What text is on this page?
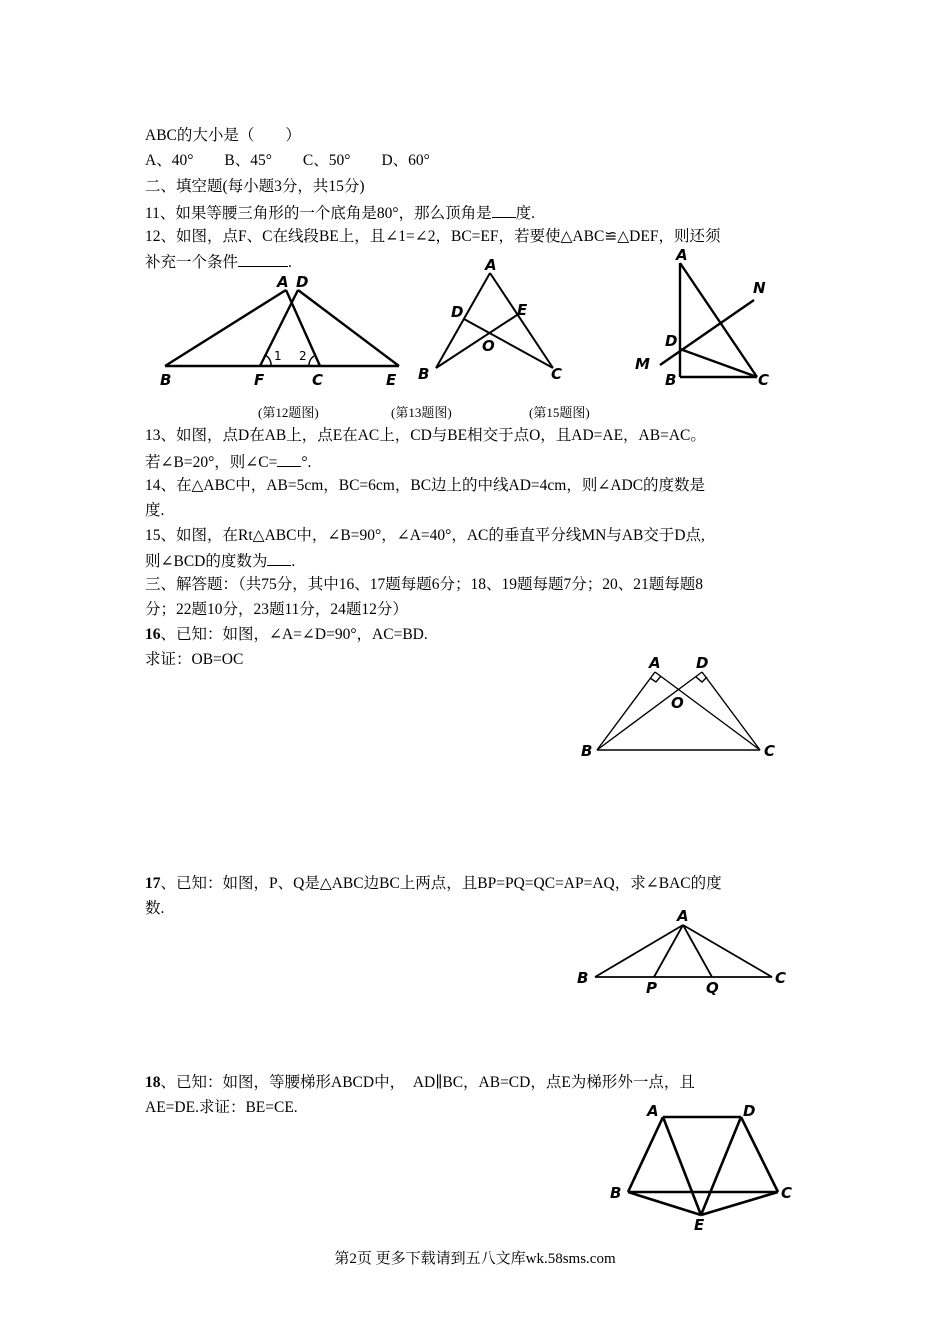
ABC的大小是（　　）
A、40°　　B、45°　　C、50°　　D、60°
二、填空题(每小题3分，共15分)
11、如果等腰三角形的一个底角是80°，那么顶角是 度.
12、如图，点F、C在线段BE上，且∠1=∠2，BC=EF，若要使△ABC≌△DEF，则还须
补充一个条件	.
13、如图，点D在AB上，点E在AC上，CD与BE相交于点O，且AD=AE，AB=AC。
若∠B=20°，则∠C= °.
14、在△ABC中，AB=5cm，BC=6cm，BC边上的中线AD=4cm，则∠ADC的度数是
度.
15、如图，在Rt△ABC中，∠B=90°，∠A=40°，AC的垂直平分线MN与AB交于D点,
则∠BCD的度数为 .
三、解答题：（共75分，其中16、17题每题6分；18、19题每题7分；20、21题每题8
分；22题10分，23题11分，24题12分）
16、已知：如图，∠A=∠D=90°，AC=BD.
求证：OB=OC
17、已知：如图，P、Q是△ABC边BC上两点，且BP=PQ=QC=AP=AQ，求∠BAC的度
数.
18、已知：如图，等腰梯形ABCD中，　AD∥BC，AB=CD，点E为梯形外一点，且
AE=DE.求证：BE=CE.
A D
B	F	C	E
1 2
A
D	E
O
B	C
A
N
D
M
B	C
(第12题图)	(第13题图)	(第15题图)
A D
O
B	C
A
B
P	Q
C
A	D
B	C
E
第2页 更多下载请到五八文库wk.58sms.com
